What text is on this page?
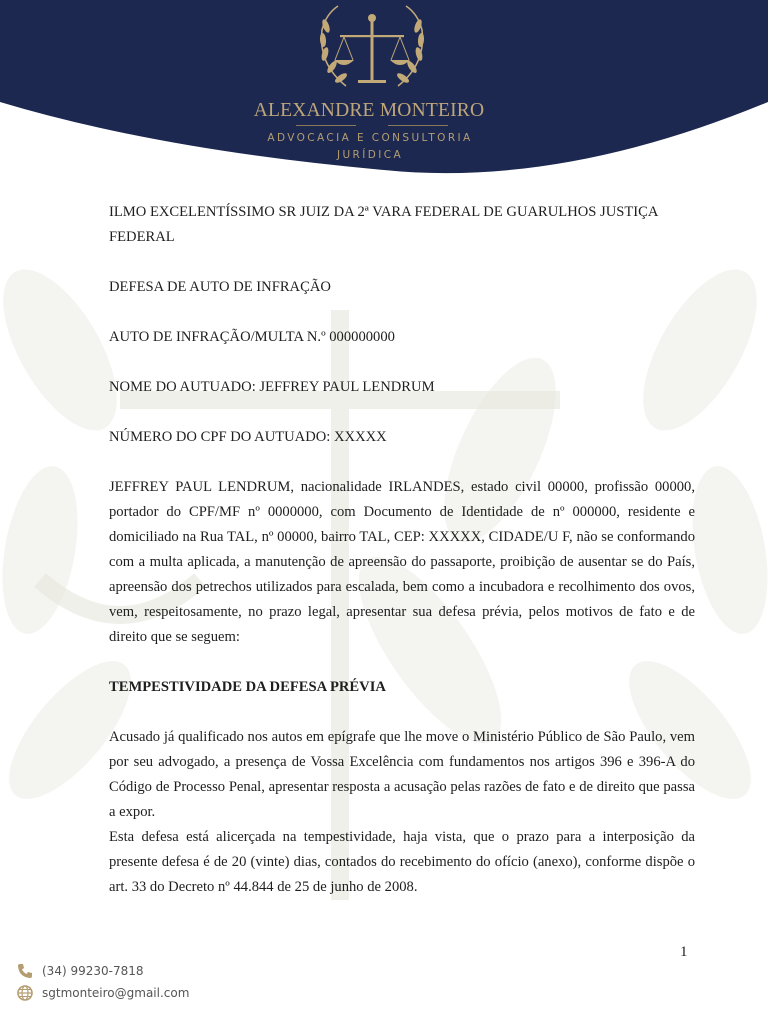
ALEXANDRE MONTEIRO
ADVOCACIA E CONSULTORIA
JURÍDICA

ILMO EXCELENTÍSSIMO SR JUIZ DA 2ª VARA FEDERAL DE GUARULHOS JUSTIÇA FEDERAL

DEFESA DE AUTO DE INFRAÇÃO

AUTO DE INFRAÇÃO/MULTA N.º 000000000

NOME DO AUTUADO: JEFFREY PAUL LENDRUM

NÚMERO DO CPF DO AUTUADO: XXXXX

JEFFREY PAUL LENDRUM, nacionalidade IRLANDES, estado civil 00000, profissão 00000, portador do CPF/MF nº 0000000, com Documento de Identidade de nº 000000, residente e domiciliado na Rua TAL, nº 00000, bairro TAL, CEP: XXXXX, CIDADE/U F, não se conformando com a multa aplicada, a manutenção de apreensão do passaporte, proibição de ausentar se do País, apreensão dos petrechos utilizados para escalada, bem como a incubadora e recolhimento dos ovos, vem, respeitosamente, no prazo legal, apresentar sua defesa prévia, pelos motivos de fato e de direito que se seguem:

TEMPESTIVIDADE DA DEFESA PRÉVIA

Acusado já qualificado nos autos em epígrafe que lhe move o Ministério Público de São Paulo, vem por seu advogado, a presença de Vossa Excelência com fundamentos nos artigos 396 e 396-A do Código de Processo Penal, apresentar resposta a acusação pelas razões de fato e de direito que passa a expor.

Esta defesa está alicerçada na tempestividade, haja vista, que o prazo para a interposição da presente defesa é de 20 (vinte) dias, contados do recebimento do ofício (anexo), conforme dispõe o art. 33 do Decreto nº 44.844 de 25 de junho de 2008.

1
(34) 99230-7818
sgtmonteiro@gmail.com
